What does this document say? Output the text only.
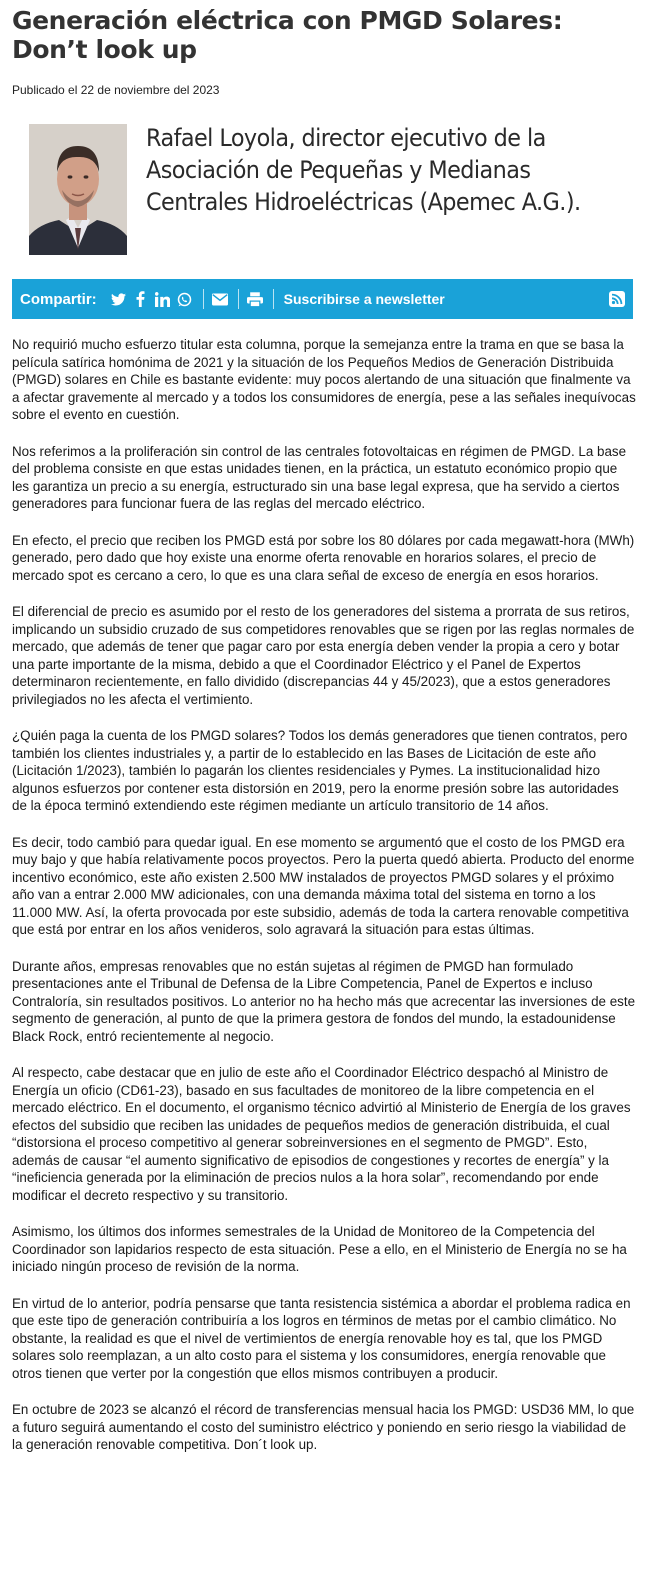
Generación eléctrica con PMGD Solares: Don’t look up
Publicado el 22 de noviembre del 2023
Rafael Loyola, director ejecutivo de la Asociación de Pequeñas y Medianas Centrales Hidroeléctricas (Apemec A.G.).
Compartir:	Suscribirse a newsletter

No requirió mucho esfuerzo titular esta columna, porque la semejanza entre la trama en que se basa la película satírica homónima de 2021 y la situación de los Pequeños Medios de Generación Distribuida (PMGD) solares en Chile es bastante evidente: muy pocos alertando de una situación que finalmente va a afectar gravemente al mercado y a todos los consumidores de energía, pese a las señales inequívocas sobre el evento en cuestión.

Nos referimos a la proliferación sin control de las centrales fotovoltaicas en régimen de PMGD. La base del problema consiste en que estas unidades tienen, en la práctica, un estatuto económico propio que les garantiza un precio a su energía, estructurado sin una base legal expresa, que ha servido a ciertos generadores para funcionar fuera de las reglas del mercado eléctrico.

En efecto, el precio que reciben los PMGD está por sobre los 80 dólares por cada megawatt-hora (MWh) generado, pero dado que hoy existe una enorme oferta renovable en horarios solares, el precio de mercado spot es cercano a cero, lo que es una clara señal de exceso de energía en esos horarios.

El diferencial de precio es asumido por el resto de los generadores del sistema a prorrata de sus retiros, implicando un subsidio cruzado de sus competidores renovables que se rigen por las reglas normales de mercado, que además de tener que pagar caro por esta energía deben vender la propia a cero y botar una parte importante de la misma, debido a que el Coordinador Eléctrico y el Panel de Expertos determinaron recientemente, en fallo dividido (discrepancias 44 y 45/2023), que a estos generadores privilegiados no les afecta el vertimiento.

¿Quién paga la cuenta de los PMGD solares? Todos los demás generadores que tienen contratos, pero también los clientes industriales y, a partir de lo establecido en las Bases de Licitación de este año (Licitación 1/2023), también lo pagarán los clientes residenciales y Pymes. La institucionalidad hizo algunos esfuerzos por contener esta distorsión en 2019, pero la enorme presión sobre las autoridades de la época terminó extendiendo este régimen mediante un artículo transitorio de 14 años.

Es decir, todo cambió para quedar igual. En ese momento se argumentó que el costo de los PMGD era muy bajo y que había relativamente pocos proyectos. Pero la puerta quedó abierta. Producto del enorme incentivo económico, este año existen 2.500 MW instalados de proyectos PMGD solares y el próximo año van a entrar 2.000 MW adicionales, con una demanda máxima total del sistema en torno a los 11.000 MW. Así, la oferta provocada por este subsidio, además de toda la cartera renovable competitiva que está por entrar en los años venideros, solo agravará la situación para estas últimas.

Durante años, empresas renovables que no están sujetas al régimen de PMGD han formulado presentaciones ante el Tribunal de Defensa de la Libre Competencia, Panel de Expertos e incluso Contraloría, sin resultados positivos. Lo anterior no ha hecho más que acrecentar las inversiones de este segmento de generación, al punto de que la primera gestora de fondos del mundo, la estadounidense Black Rock, entró recientemente al negocio.

Al respecto, cabe destacar que en julio de este año el Coordinador Eléctrico despachó al Ministro de Energía un oficio (CD61-23), basado en sus facultades de monitoreo de la libre competencia en el mercado eléctrico. En el documento, el organismo técnico advirtió al Ministerio de Energía de los graves efectos del subsidio que reciben las unidades de pequeños medios de generación distribuida, el cual “distorsiona el proceso competitivo al generar sobreinversiones en el segmento de PMGD”. Esto, además de causar “el aumento significativo de episodios de congestiones y recortes de energía” y la “ineficiencia generada por la eliminación de precios nulos a la hora solar”, recomendando por ende modificar el decreto respectivo y su transitorio.

Asimismo, los últimos dos informes semestrales de la Unidad de Monitoreo de la Competencia del Coordinador son lapidarios respecto de esta situación. Pese a ello, en el Ministerio de Energía no se ha iniciado ningún proceso de revisión de la norma.

En virtud de lo anterior, podría pensarse que tanta resistencia sistémica a abordar el problema radica en que este tipo de generación contribuiría a los logros en términos de metas por el cambio climático. No obstante, la realidad es que el nivel de vertimientos de energía renovable hoy es tal, que los PMGD solares solo reemplazan, a un alto costo para el sistema y los consumidores, energía renovable que otros tienen que verter por la congestión que ellos mismos contribuyen a producir.

En octubre de 2023 se alcanzó el récord de transferencias mensual hacia los PMGD: USD36 MM, lo que a futuro seguirá aumentando el costo del suministro eléctrico y poniendo en serio riesgo la viabilidad de la generación renovable competitiva. Don´t look up.
